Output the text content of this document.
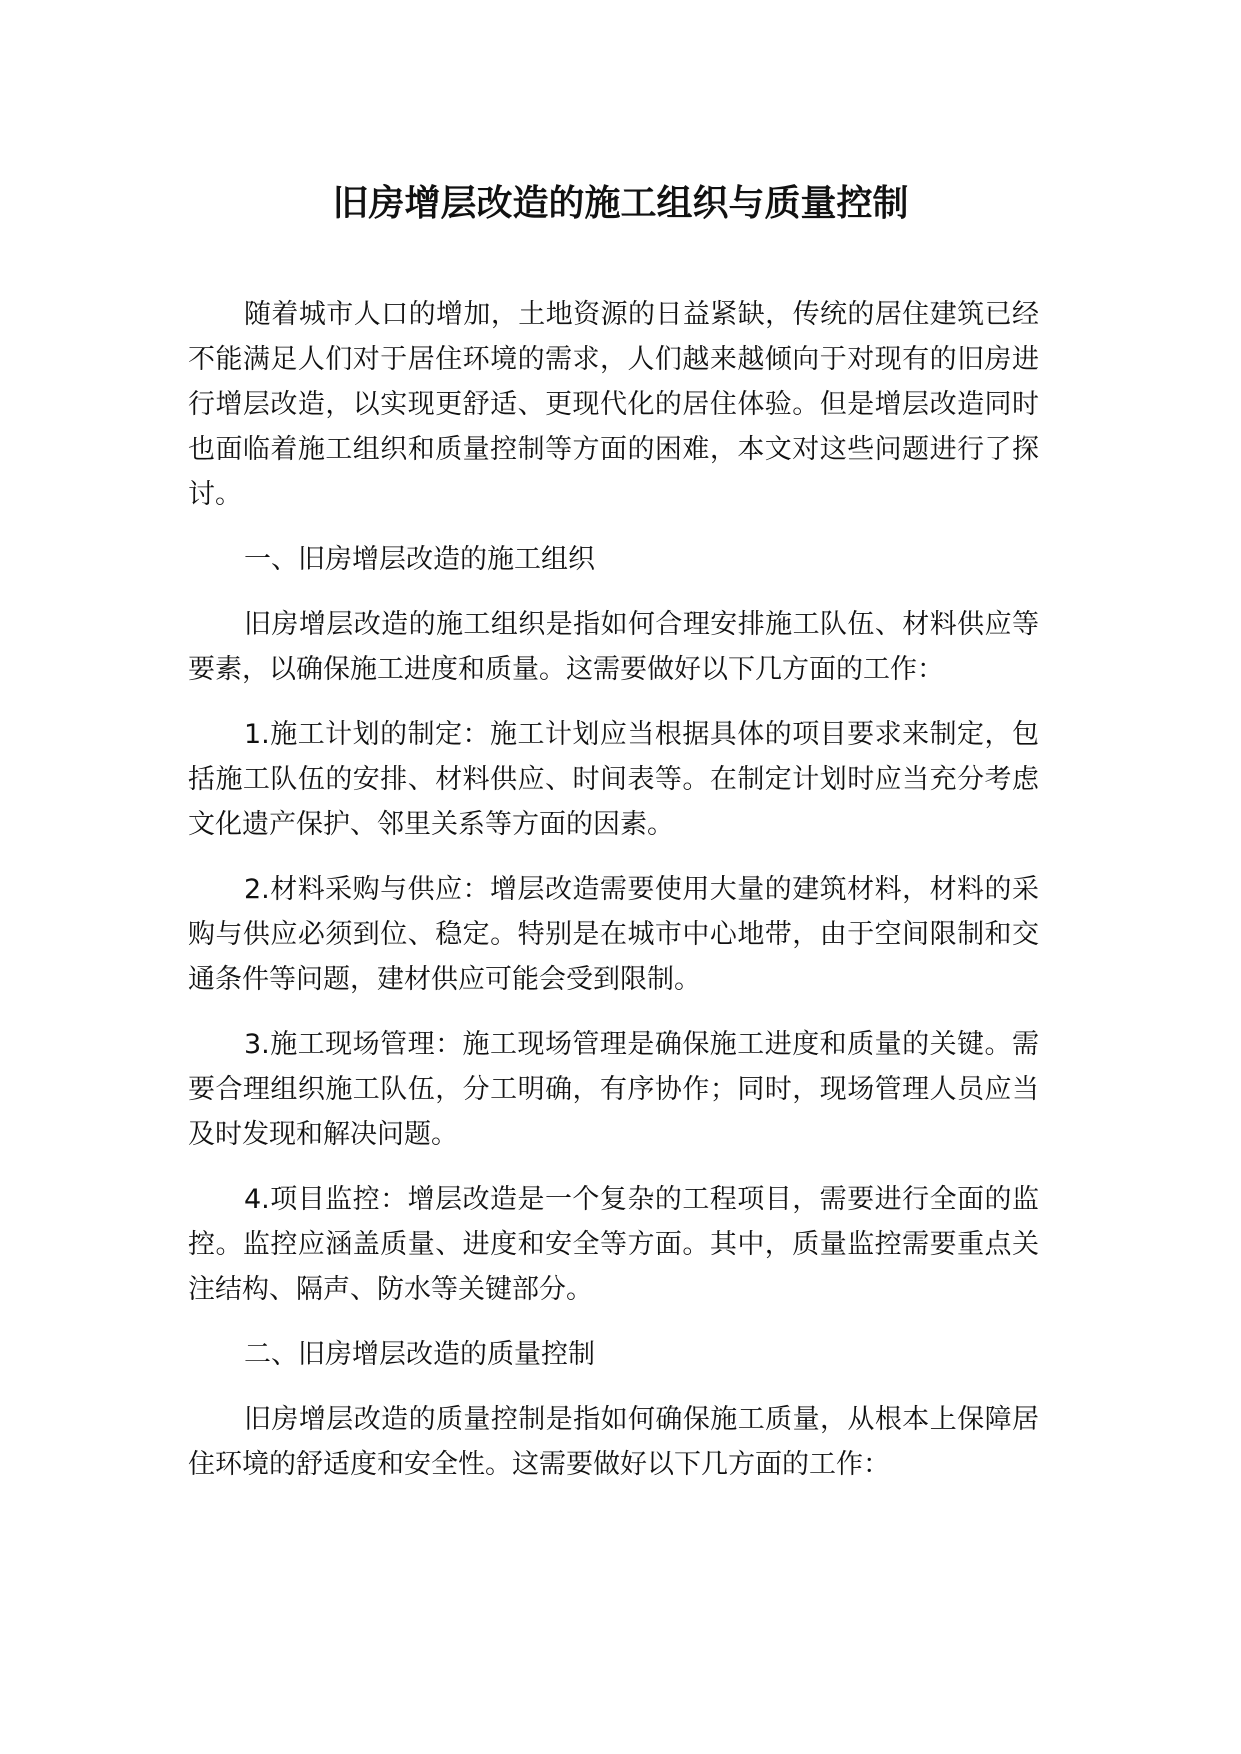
旧房增层改造的施工组织与质量控制

随着城市人口的增加，土地资源的日益紧缺，传统的居住建筑已经不能满足人们对于居住环境的需求，人们越来越倾向于对现有的旧房进行增层改造，以实现更舒适、更现代化的居住体验。但是增层改造同时也面临着施工组织和质量控制等方面的困难，本文对这些问题进行了探讨。

一、旧房增层改造的施工组织

旧房增层改造的施工组织是指如何合理安排施工队伍、材料供应等要素，以确保施工进度和质量。这需要做好以下几方面的工作：

1.施工计划的制定：施工计划应当根据具体的项目要求来制定，包括施工队伍的安排、材料供应、时间表等。在制定计划时应当充分考虑文化遗产保护、邻里关系等方面的因素。

2.材料采购与供应：增层改造需要使用大量的建筑材料，材料的采购与供应必须到位、稳定。特别是在城市中心地带，由于空间限制和交通条件等问题，建材供应可能会受到限制。

3.施工现场管理：施工现场管理是确保施工进度和质量的关键。需要合理组织施工队伍，分工明确，有序协作；同时，现场管理人员应当及时发现和解决问题。

4.项目监控：增层改造是一个复杂的工程项目，需要进行全面的监控。监控应涵盖质量、进度和安全等方面。其中，质量监控需要重点关注结构、隔声、防水等关键部分。

二、旧房增层改造的质量控制

旧房增层改造的质量控制是指如何确保施工质量，从根本上保障居住环境的舒适度和安全性。这需要做好以下几方面的工作：
